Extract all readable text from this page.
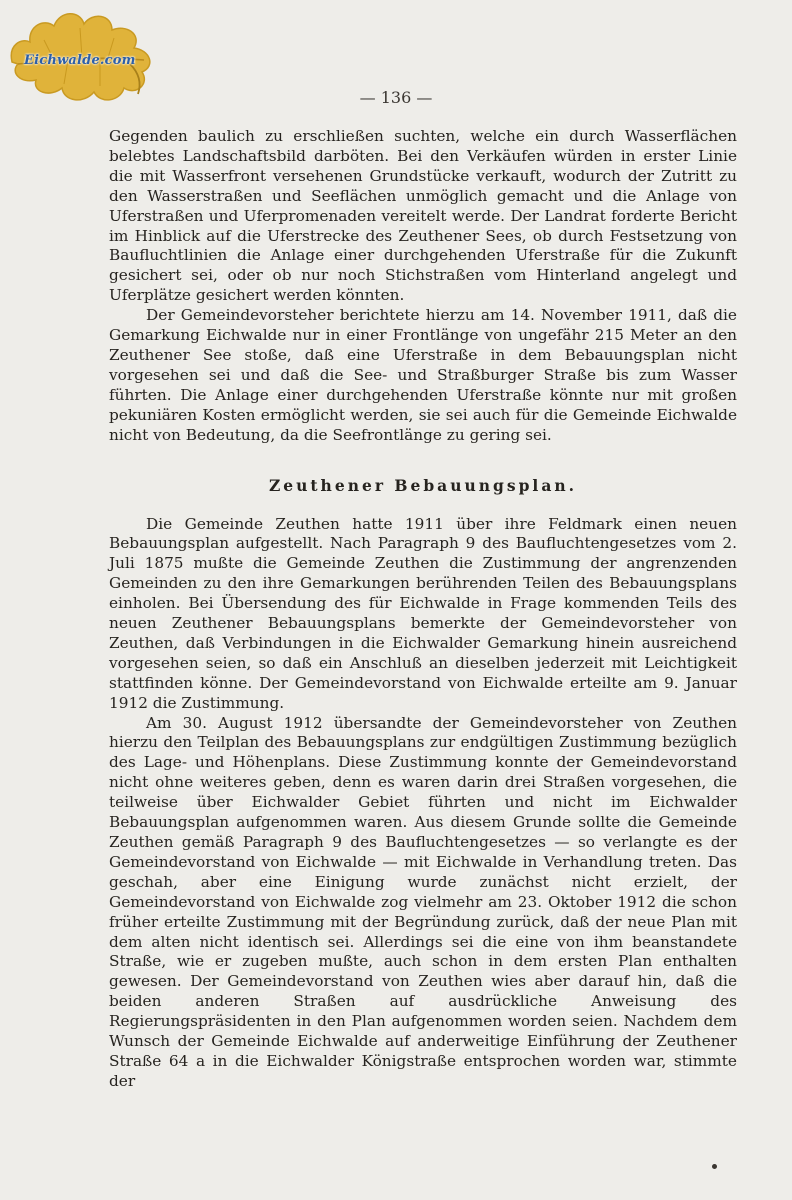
Eichwalde.com
— 136 —

Gegenden baulich zu erschließen suchten, welche ein durch Wasserflächen belebtes Landschaftsbild darböten. Bei den Verkäufen würden in erster Linie die mit Wasserfront versehenen Grundstücke verkauft, wodurch der Zutritt zu den Wasserstraßen und Seeflächen unmöglich gemacht und die Anlage von Uferstraßen und Uferpromenaden vereitelt werde. Der Landrat forderte Bericht im Hinblick auf die Uferstrecke des Zeuthener Sees, ob durch Festsetzung von Baufluchtlinien die Anlage einer durchgehenden Uferstraße für die Zukunft gesichert sei, oder ob nur noch Stichstraßen vom Hinterland angelegt und Uferplätze gesichert werden könnten.

Der Gemeindevorsteher berichtete hierzu am 14. November 1911, daß die Gemarkung Eichwalde nur in einer Frontlänge von ungefähr 215 Meter an den Zeuthener See stoße, daß eine Uferstraße in dem Bebauungsplan nicht vorgesehen sei und daß die See- und Straßburger Straße bis zum Wasser führten. Die Anlage einer durchgehenden Uferstraße könnte nur mit großen pekuniären Kosten ermöglicht werden, sie sei auch für die Gemeinde Eichwalde nicht von Bedeutung, da die Seefrontlänge zu gering sei.

Zeuthener Bebauungsplan.

Die Gemeinde Zeuthen hatte 1911 über ihre Feldmark einen neuen Bebauungsplan aufgestellt. Nach Paragraph 9 des Baufluchtengesetzes vom 2. Juli 1875 mußte die Gemeinde Zeuthen die Zustimmung der angrenzenden Gemeinden zu den ihre Gemarkungen berührenden Teilen des Bebauungsplans einholen. Bei Übersendung des für Eichwalde in Frage kommenden Teils des neuen Zeuthener Bebauungsplans bemerkte der Gemeindevorsteher von Zeuthen, daß Verbindungen in die Eichwalder Gemarkung hinein ausreichend vorgesehen seien, so daß ein Anschluß an dieselben jederzeit mit Leichtigkeit stattfinden könne. Der Gemeindevorstand von Eichwalde erteilte am 9. Januar 1912 die Zustimmung.

Am 30. August 1912 übersandte der Gemeindevorsteher von Zeuthen hierzu den Teilplan des Bebauungsplans zur endgültigen Zustimmung bezüglich des Lage- und Höhenplans. Diese Zustimmung konnte der Gemeindevorstand nicht ohne weiteres geben, denn es waren darin drei Straßen vorgesehen, die teilweise über Eichwalder Gebiet führten und nicht im Eichwalder Bebauungsplan aufgenommen waren. Aus diesem Grunde sollte die Gemeinde Zeuthen gemäß Paragraph 9 des Baufluchtengesetzes — so verlangte es der Gemeindevorstand von Eichwalde — mit Eichwalde in Verhandlung treten. Das geschah, aber eine Einigung wurde zunächst nicht erzielt, der Gemeindevorstand von Eichwalde zog vielmehr am 23. Oktober 1912 die schon früher erteilte Zustimmung mit der Begründung zurück, daß der neue Plan mit dem alten nicht identisch sei. Allerdings sei die eine von ihm beanstandete Straße, wie er zugeben mußte, auch schon in dem ersten Plan enthalten gewesen. Der Gemeindevorstand von Zeuthen wies aber darauf hin, daß die beiden anderen Straßen auf ausdrückliche Anweisung des Regierungspräsidenten in den Plan aufgenommen worden seien. Nachdem dem Wunsch der Gemeinde Eichwalde auf anderweitige Einführung der Zeuthener Straße 64 a in die Eichwalder Königstraße entsprochen worden war, stimmte der
